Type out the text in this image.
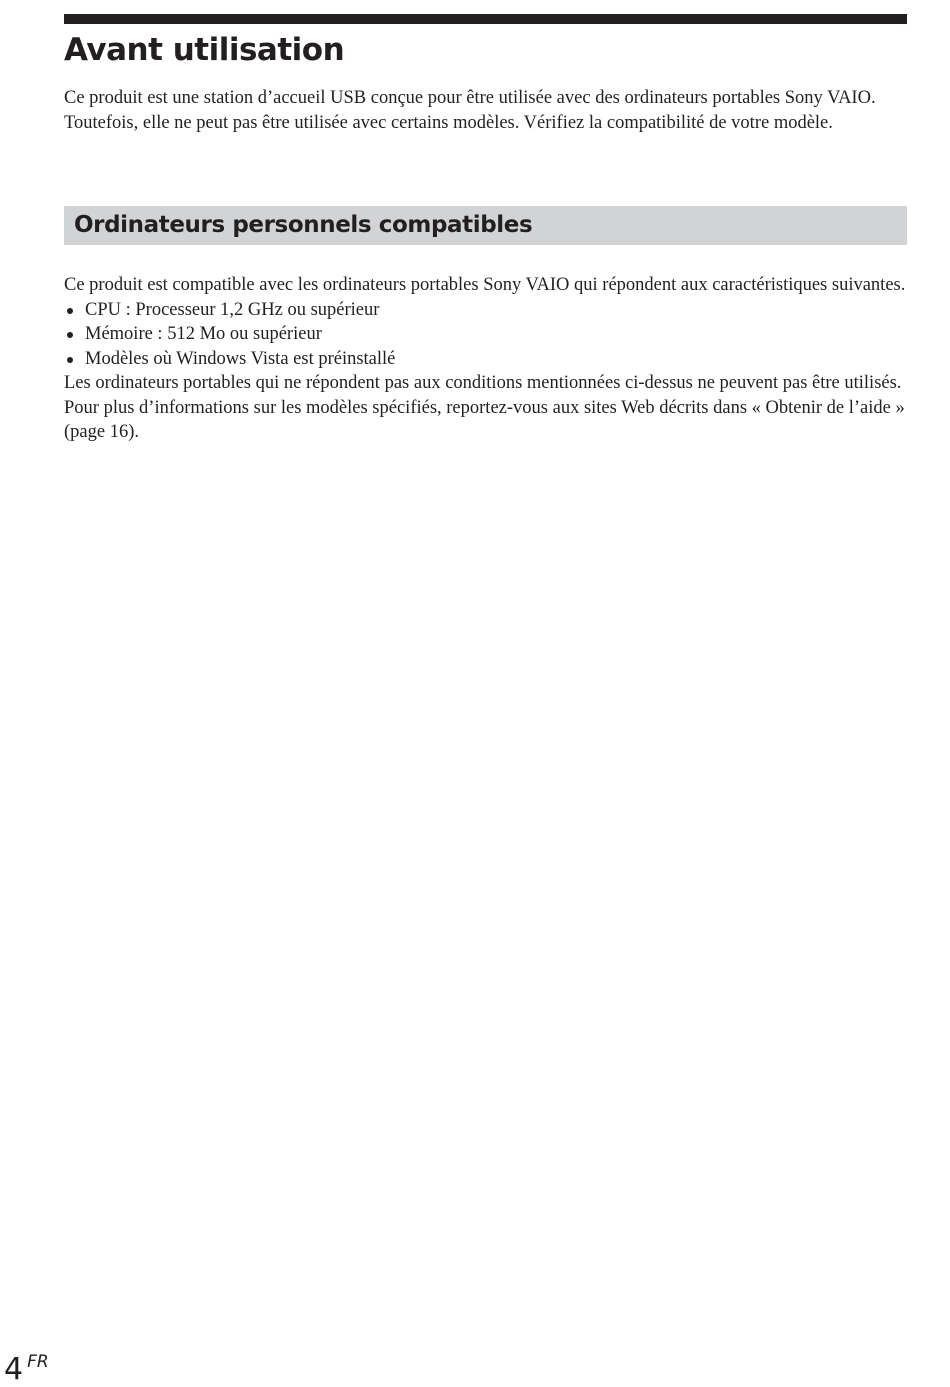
Avant utilisation

Ce produit est une station d’accueil USB conçue pour être utilisée avec des ordinateurs portables Sony VAIO. Toutefois, elle ne peut pas être utilisée avec certains modèles. Vérifiez la compatibilité de votre modèle.

Ordinateurs personnels compatibles

Ce produit est compatible avec les ordinateurs portables Sony VAIO qui répondent aux caractéristiques suivantes.

CPU : Processeur 1,2 GHz ou supérieur
Mémoire : 512 Mo ou supérieur
Modèles où Windows Vista est préinstallé

Les ordinateurs portables qui ne répondent pas aux conditions mentionnées ci-dessus ne peuvent pas être utilisés.

Pour plus d’informations sur les modèles spécifiés, reportez-vous aux sites Web décrits dans « Obtenir de l’aide » (page 16).

4 FR
